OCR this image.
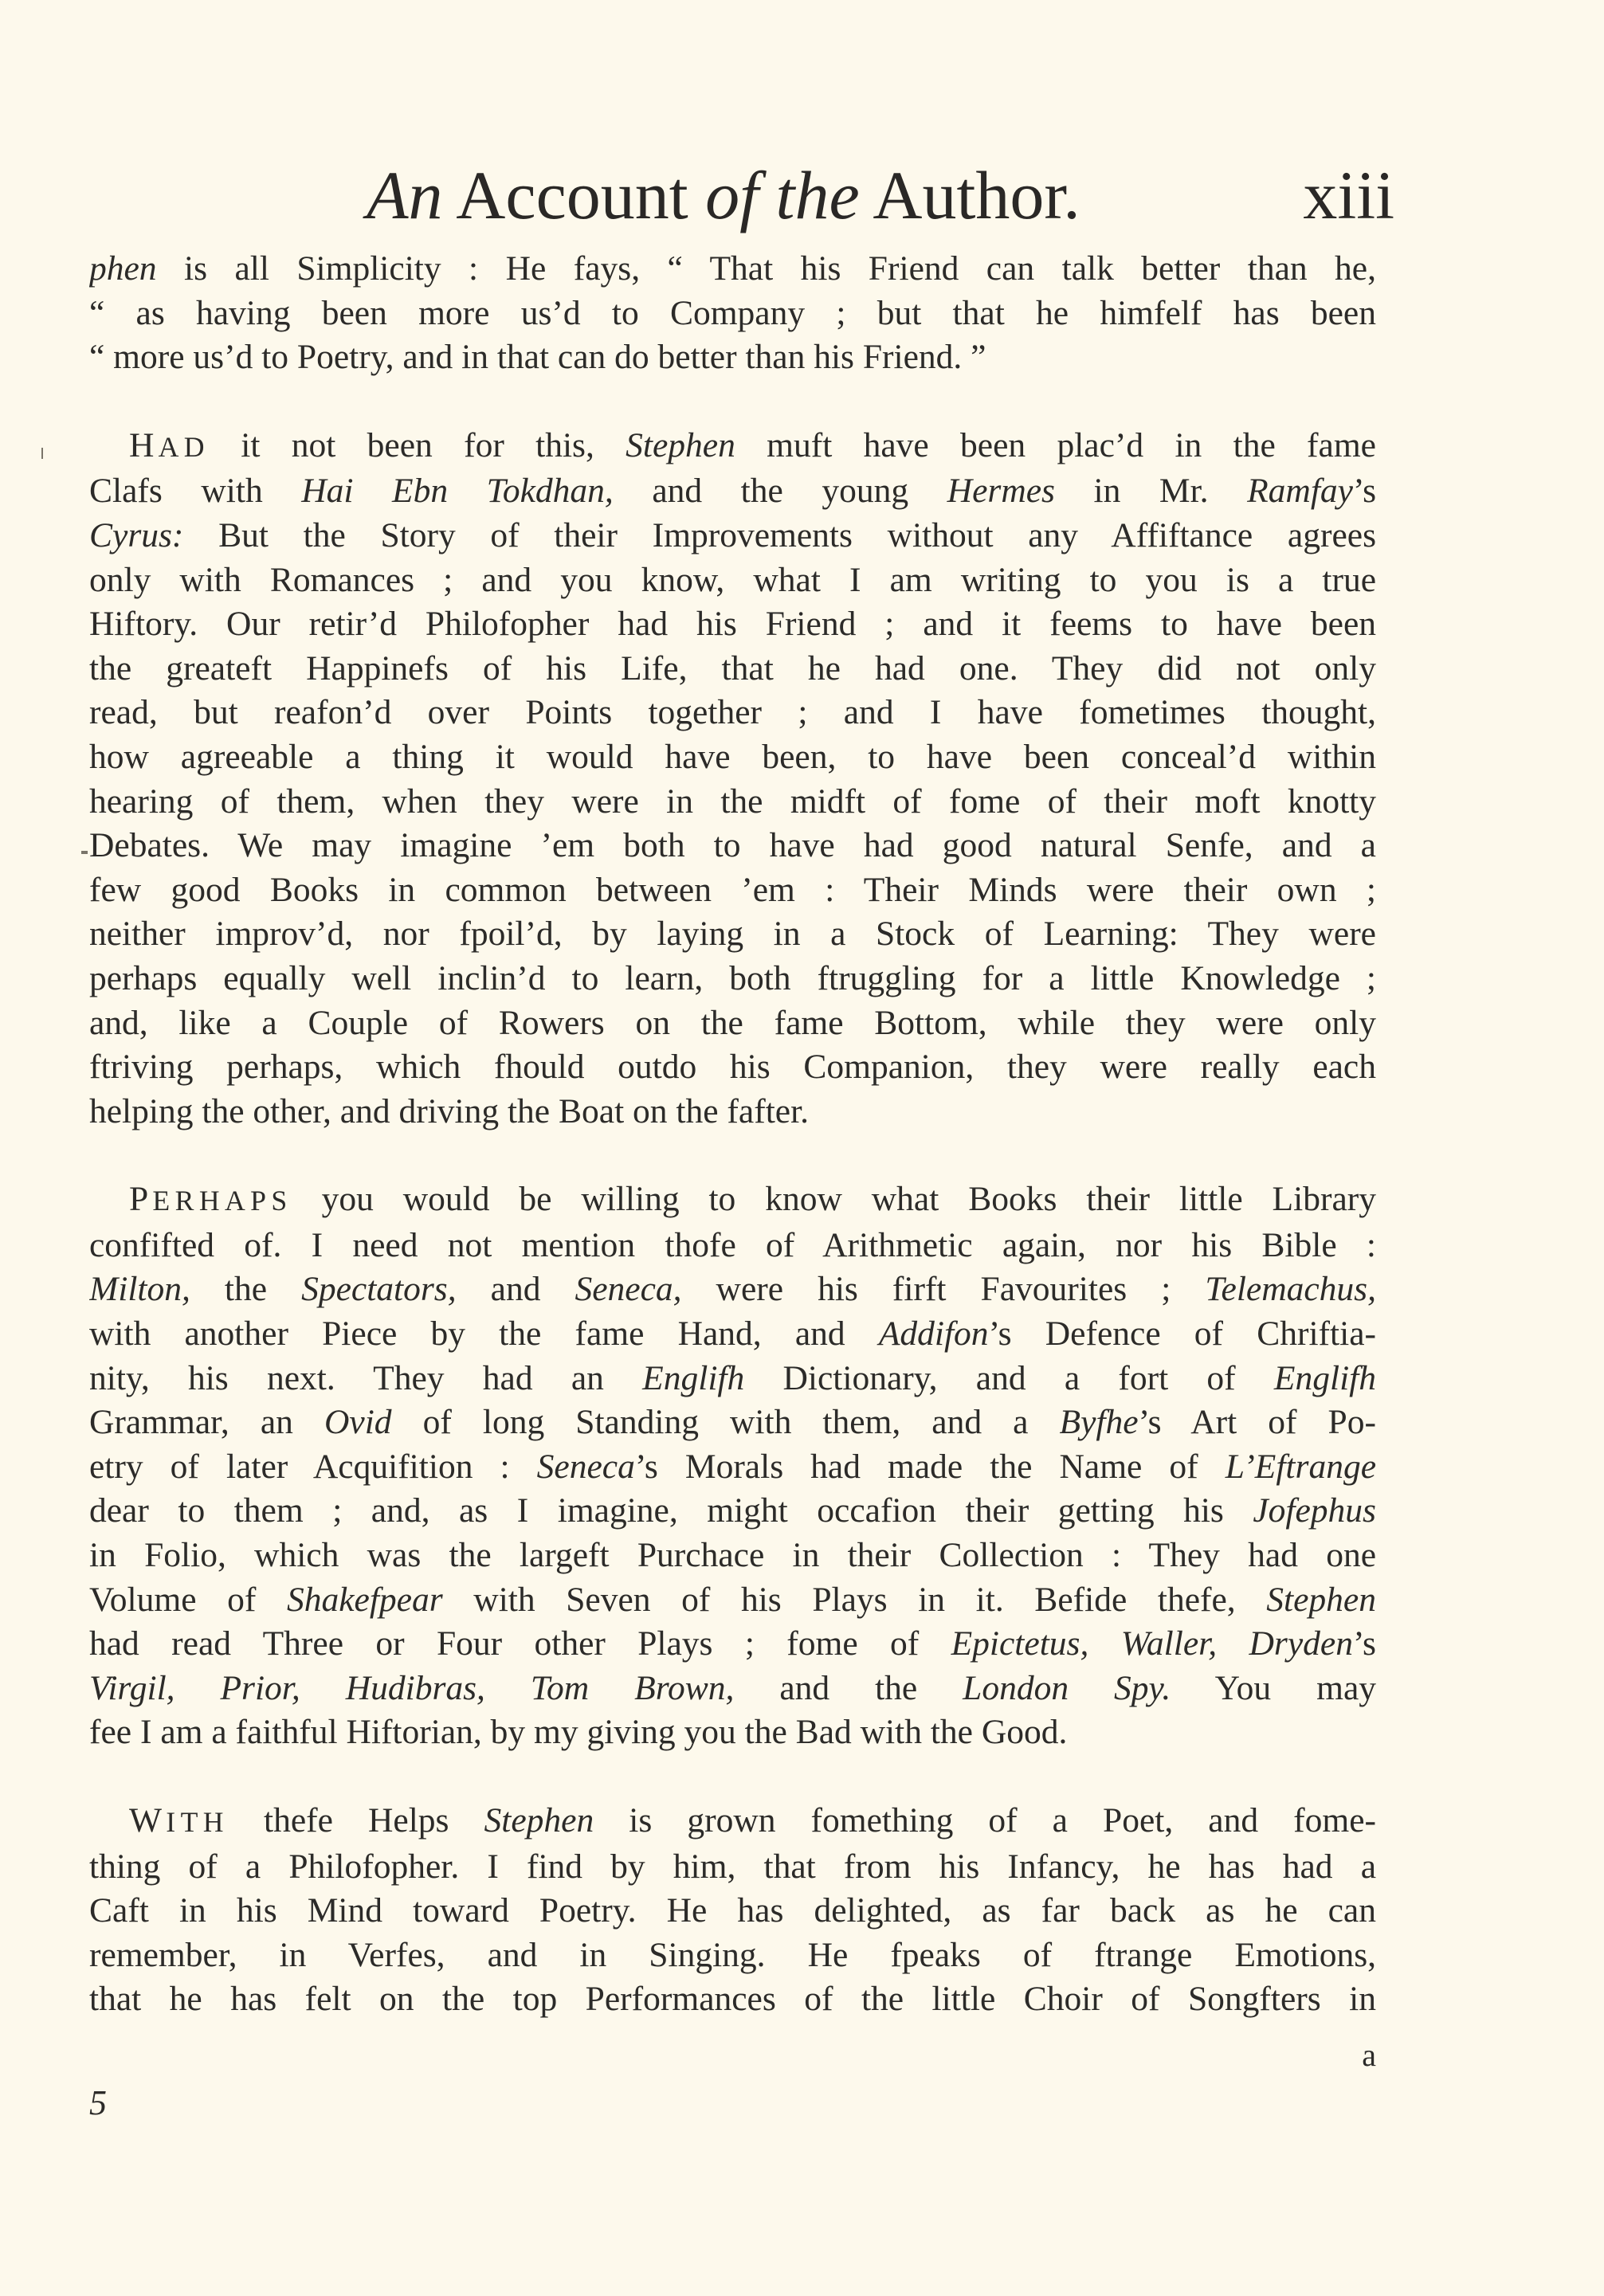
An Account of the Author.	xiii
phen is all Simplicity : He fays, “ That his Friend can talk better than he,
“ as having been more us’d to Company ; but that he himfelf has been
“ more us’d to Poetry, and in that can do better than his Friend. ”
HAD it not been for this, Stephen muft have been plac’d in the fame
Clafs with Hai Ebn Tokdhan, and the young Hermes in Mr. Ramfay’s
Cyrus: But the Story of their Improvements without any Affiftance agrees
only with Romances ; and you know, what I am writing to you is a true
Hiftory. Our retir’d Philofopher had his Friend ; and it feems to have been
the greateft Happinefs of his Life, that he had one. They did not only
read, but reafon’d over Points together ; and I have fometimes thought,
how agreeable a thing it would have been, to have been conceal’d within
hearing of them, when they were in the midft of fome of their moft knotty
Debates. We may imagine ’em both to have had good natural Senfe, and a
few good Books in common between ’em : Their Minds were their own ;
neither improv’d, nor fpoil’d, by laying in a Stock of Learning: They were
perhaps equally well inclin’d to learn, both ftruggling for a little Knowledge ;
and, like a Couple of Rowers on the fame Bottom, while they were only
ftriving perhaps, which fhould outdo his Companion, they were really each
helping the other, and driving the Boat on the fafter.
PERHAPS you would be willing to know what Books their little Library
confifted of. I need not mention thofe of Arithmetic again, nor his Bible :
Milton, the Spectators, and Seneca, were his firft Favourites ; Telemachus,
with another Piece by the fame Hand, and Addifon’s Defence of Chriftia-
nity, his next. They had an Englifh Dictionary, and a fort of Englifh
Grammar, an Ovid of long Standing with them, and a Byfhe’s Art of Po-
etry of later Acquifition : Seneca’s Morals had made the Name of L’Eftrange
dear to them ; and, as I imagine, might occafion their getting his Jofephus
in Folio, which was the largeft Purchace in their Collection : They had one
Volume of Shakefpear with Seven of his Plays in it. Befide thefe, Stephen
had read Three or Four other Plays ; fome of Epictetus, Waller, Dryden’s
Virgil, Prior, Hudibras, Tom Brown, and the London Spy. You may
fee I am a faithful Hiftorian, by my giving you the Bad with the Good.
WITH thefe Helps Stephen is grown fomething of a Poet, and fome-
thing of a Philofopher. I find by him, that from his Infancy, he has had a
Caft in his Mind toward Poetry. He has delighted, as far back as he can
remember, in Verfes, and in Singing. He fpeaks of ftrange Emotions,
that he has felt on the top Performances of the little Choir of Songfters in
a
5
